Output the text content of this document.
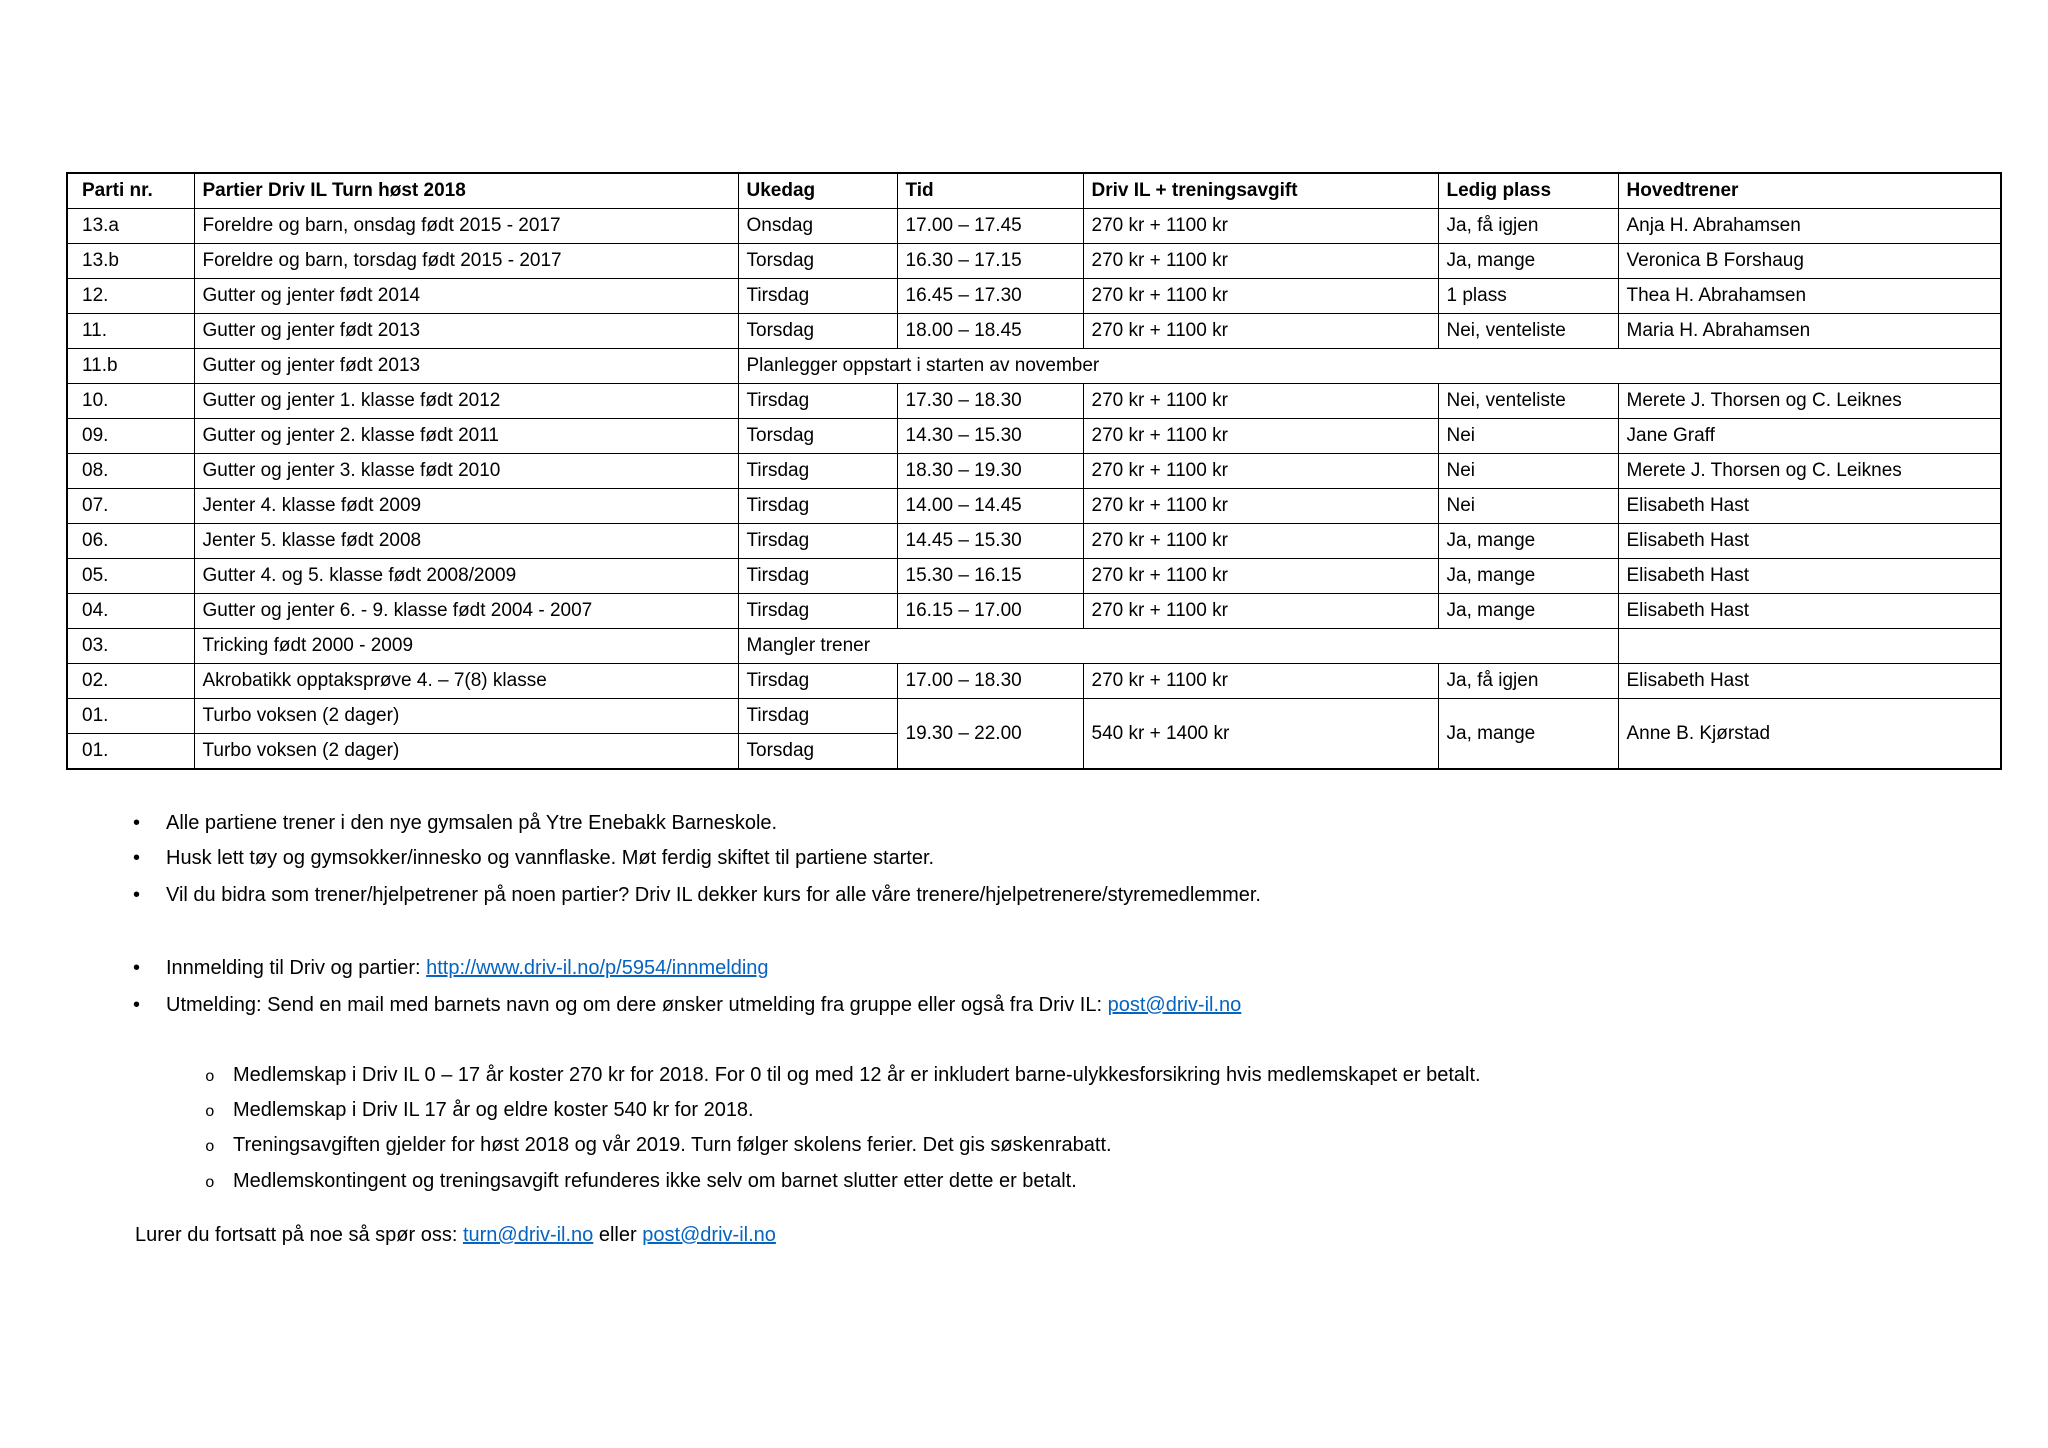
Parti nr.	Partier Driv IL Turn høst 2018	Ukedag	Tid	Driv IL + treningsavgift	Ledig plass	Hovedtrener
13.a	Foreldre og barn, onsdag født 2015 - 2017	Onsdag	17.00 – 17.45	270 kr + 1100 kr	Ja, få igjen	Anja H. Abrahamsen
13.b	Foreldre og barn, torsdag født 2015 - 2017	Torsdag	16.30 – 17.15	270 kr + 1100 kr	Ja, mange	Veronica B Forshaug
12.	Gutter og jenter født 2014	Tirsdag	16.45 – 17.30	270 kr + 1100 kr	1 plass	Thea H. Abrahamsen
11.	Gutter og jenter født 2013	Torsdag	18.00 – 18.45	270 kr + 1100 kr	Nei, venteliste	Maria H. Abrahamsen
11.b	Gutter og jenter født 2013	Planlegger oppstart i starten av november				
10.	Gutter og jenter 1. klasse født 2012	Tirsdag	17.30 – 18.30	270 kr + 1100 kr	Nei, venteliste	Merete J. Thorsen og C. Leiknes
09.	Gutter og jenter 2. klasse født 2011	Torsdag	14.30 – 15.30	270 kr + 1100 kr	Nei	Jane Graff
08.	Gutter og jenter 3. klasse født 2010	Tirsdag	18.30 – 19.30	270 kr + 1100 kr	Nei	Merete J. Thorsen og C. Leiknes
07.	Jenter 4. klasse født 2009	Tirsdag	14.00 – 14.45	270 kr + 1100 kr	Nei	Elisabeth Hast
06.	Jenter 5. klasse født 2008	Tirsdag	14.45 – 15.30	270 kr + 1100 kr	Ja, mange	Elisabeth Hast
05.	Gutter 4. og 5. klasse født 2008/2009	Tirsdag	15.30 – 16.15	270 kr + 1100 kr	Ja, mange	Elisabeth Hast
04.	Gutter og jenter 6. - 9. klasse født 2004 - 2007	Tirsdag	16.15 – 17.00	270 kr + 1100 kr	Ja, mange	Elisabeth Hast
03.	Tricking født 2000 - 2009	Mangler trener				
02.	Akrobatikk opptaksprøve 4. – 7(8) klasse	Tirsdag	17.00 – 18.30	270 kr + 1100 kr	Ja, få igjen	Elisabeth Hast
01.	Turbo voksen (2 dager)	Tirsdag	19.30 – 22.00	540 kr + 1400 kr	Ja, mange	Anne B. Kjørstad
01.	Turbo voksen (2 dager)	Torsdag				
• Alle partiene trener i den nye gymsalen på Ytre Enebakk Barneskole.
• Husk lett tøy og gymsokker/innesko og vannflaske. Møt ferdig skiftet til partiene starter.
• Vil du bidra som trener/hjelpetrener på noen partier? Driv IL dekker kurs for alle våre trenere/hjelpetrenere/styremedlemmer.
• Innmelding til Driv og partier: http://www.driv-il.no/p/5954/innmelding
• Utmelding: Send en mail med barnets navn og om dere ønsker utmelding fra gruppe eller også fra Driv IL: post@driv-il.no
o Medlemskap i Driv IL 0 – 17 år koster 270 kr for 2018. For 0 til og med 12 år er inkludert barne-ulykkesforsikring hvis medlemskapet er betalt.
o Medlemskap i Driv IL 17 år og eldre koster 540 kr for 2018.
o Treningsavgiften gjelder for høst 2018 og vår 2019. Turn følger skolens ferier. Det gis søskenrabatt.
o Medlemskontingent og treningsavgift refunderes ikke selv om barnet slutter etter dette er betalt.
Lurer du fortsatt på noe så spør oss: turn@driv-il.no eller post@driv-il.no
